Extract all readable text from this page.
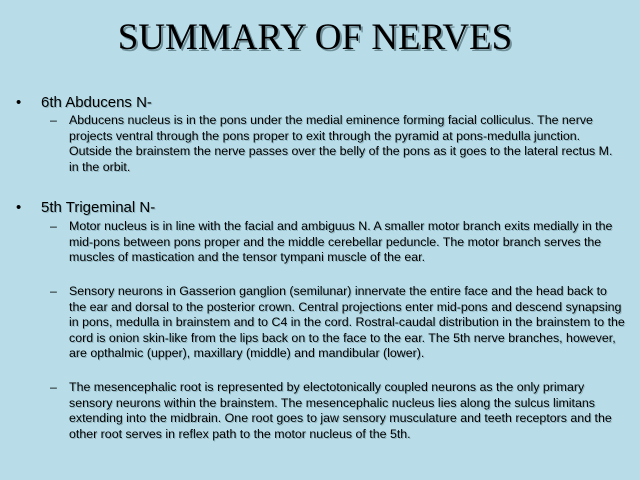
SUMMARY OF NERVES
• 6th Abducens N-
– Abducens nucleus is in the pons under the medial eminence forming facial colliculus. The nerve projects ventral through the pons proper to exit through the pyramid at pons-medulla junction. Outside the brainstem the nerve passes over the belly of the pons as it goes to the lateral rectus M. in the orbit.
• 5th Trigeminal N-
– Motor nucleus is in line with the facial and ambiguus N. A smaller motor branch exits medially in the mid-pons between pons proper and the middle cerebellar peduncle. The motor branch serves the muscles of mastication and the tensor tympani muscle of the ear.
– Sensory neurons in Gasserion ganglion (semilunar) innervate the entire face and the head back to the ear and dorsal to the posterior crown. Central projections enter mid-pons and descend synapsing in pons, medulla in brainstem and to C4 in the cord. Rostral-caudal distribution in the brainstem to the cord is onion skin-like from the lips back on to the face to the ear. The 5th nerve branches, however, are opthalmic (upper), maxillary (middle) and mandibular (lower).
– The mesencephalic root is represented by electotonically coupled neurons as the only primary sensory neurons within the brainstem. The mesencephalic nucleus lies along the sulcus limitans extending into the midbrain. One root goes to jaw sensory musculature and teeth receptors and the other root serves in reflex path to the motor nucleus of the 5th.
